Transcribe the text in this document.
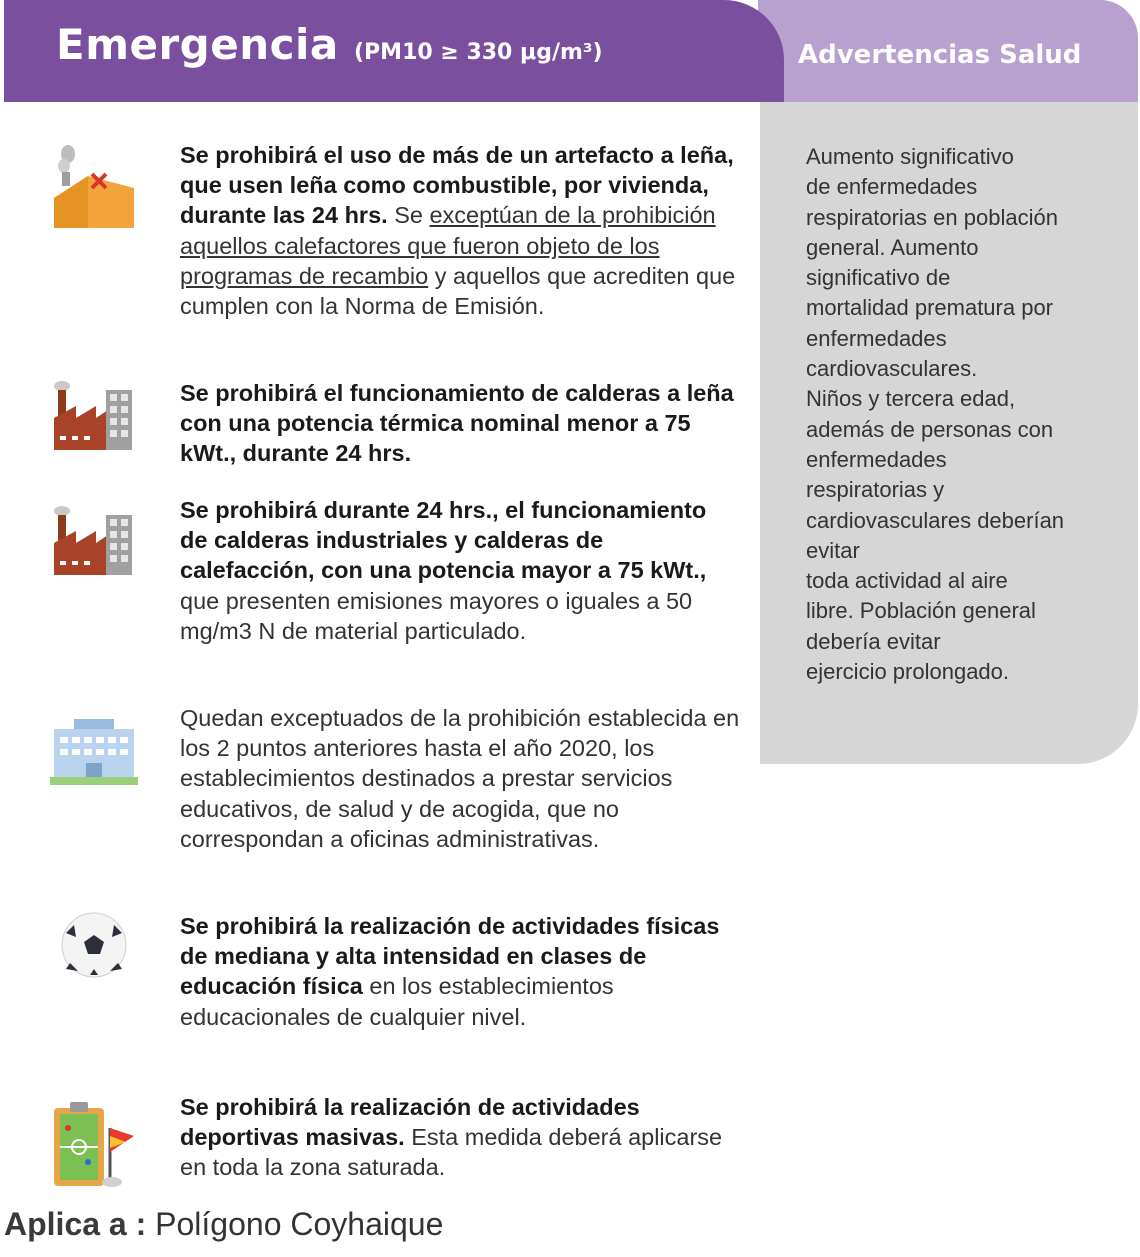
Advertencias Salud
Emergencia (PM10 ≥ 330 μg/m³)
Aumento significativo
de enfermedades
respiratorias en población
general. Aumento
significativo de
mortalidad prematura por
enfermedades
cardiovasculares.
Niños y tercera edad,
además de personas con
enfermedades
respiratorias y
cardiovasculares deberían
evitar
toda actividad al aire
libre. Población general
debería evitar
ejercicio prolongado.
Se prohibirá el uso de más de un artefacto a leña, que usen leña como combustible, por vivienda, durante las 24 hrs. Se exceptúan de la prohibición aquellos calefactores que fueron objeto de los programas de recambio y aquellos que acrediten que cumplen con la Norma de Emisión.
Se prohibirá el funcionamiento de calderas a leña con una potencia térmica nominal menor a 75 kWt., durante 24 hrs.
Se prohibirá durante 24 hrs., el funcionamiento de calderas industriales y calderas de calefacción, con una potencia mayor a 75 kWt., que presenten emisiones mayores o iguales a 50 mg/m3 N de material particulado.
Quedan exceptuados de la prohibición establecida en los 2 puntos anteriores hasta el año 2020, los establecimientos destinados a prestar servicios educativos, de salud y de acogida, que no correspondan a oficinas administrativas.
Se prohibirá la realización de actividades físicas de mediana y alta intensidad en clases de educación física en los establecimientos educacionales de cualquier nivel.
Se prohibirá la realización de actividades deportivas masivas. Esta medida deberá aplicarse en toda la zona saturada.
Aplica a : Polígono Coyhaique
